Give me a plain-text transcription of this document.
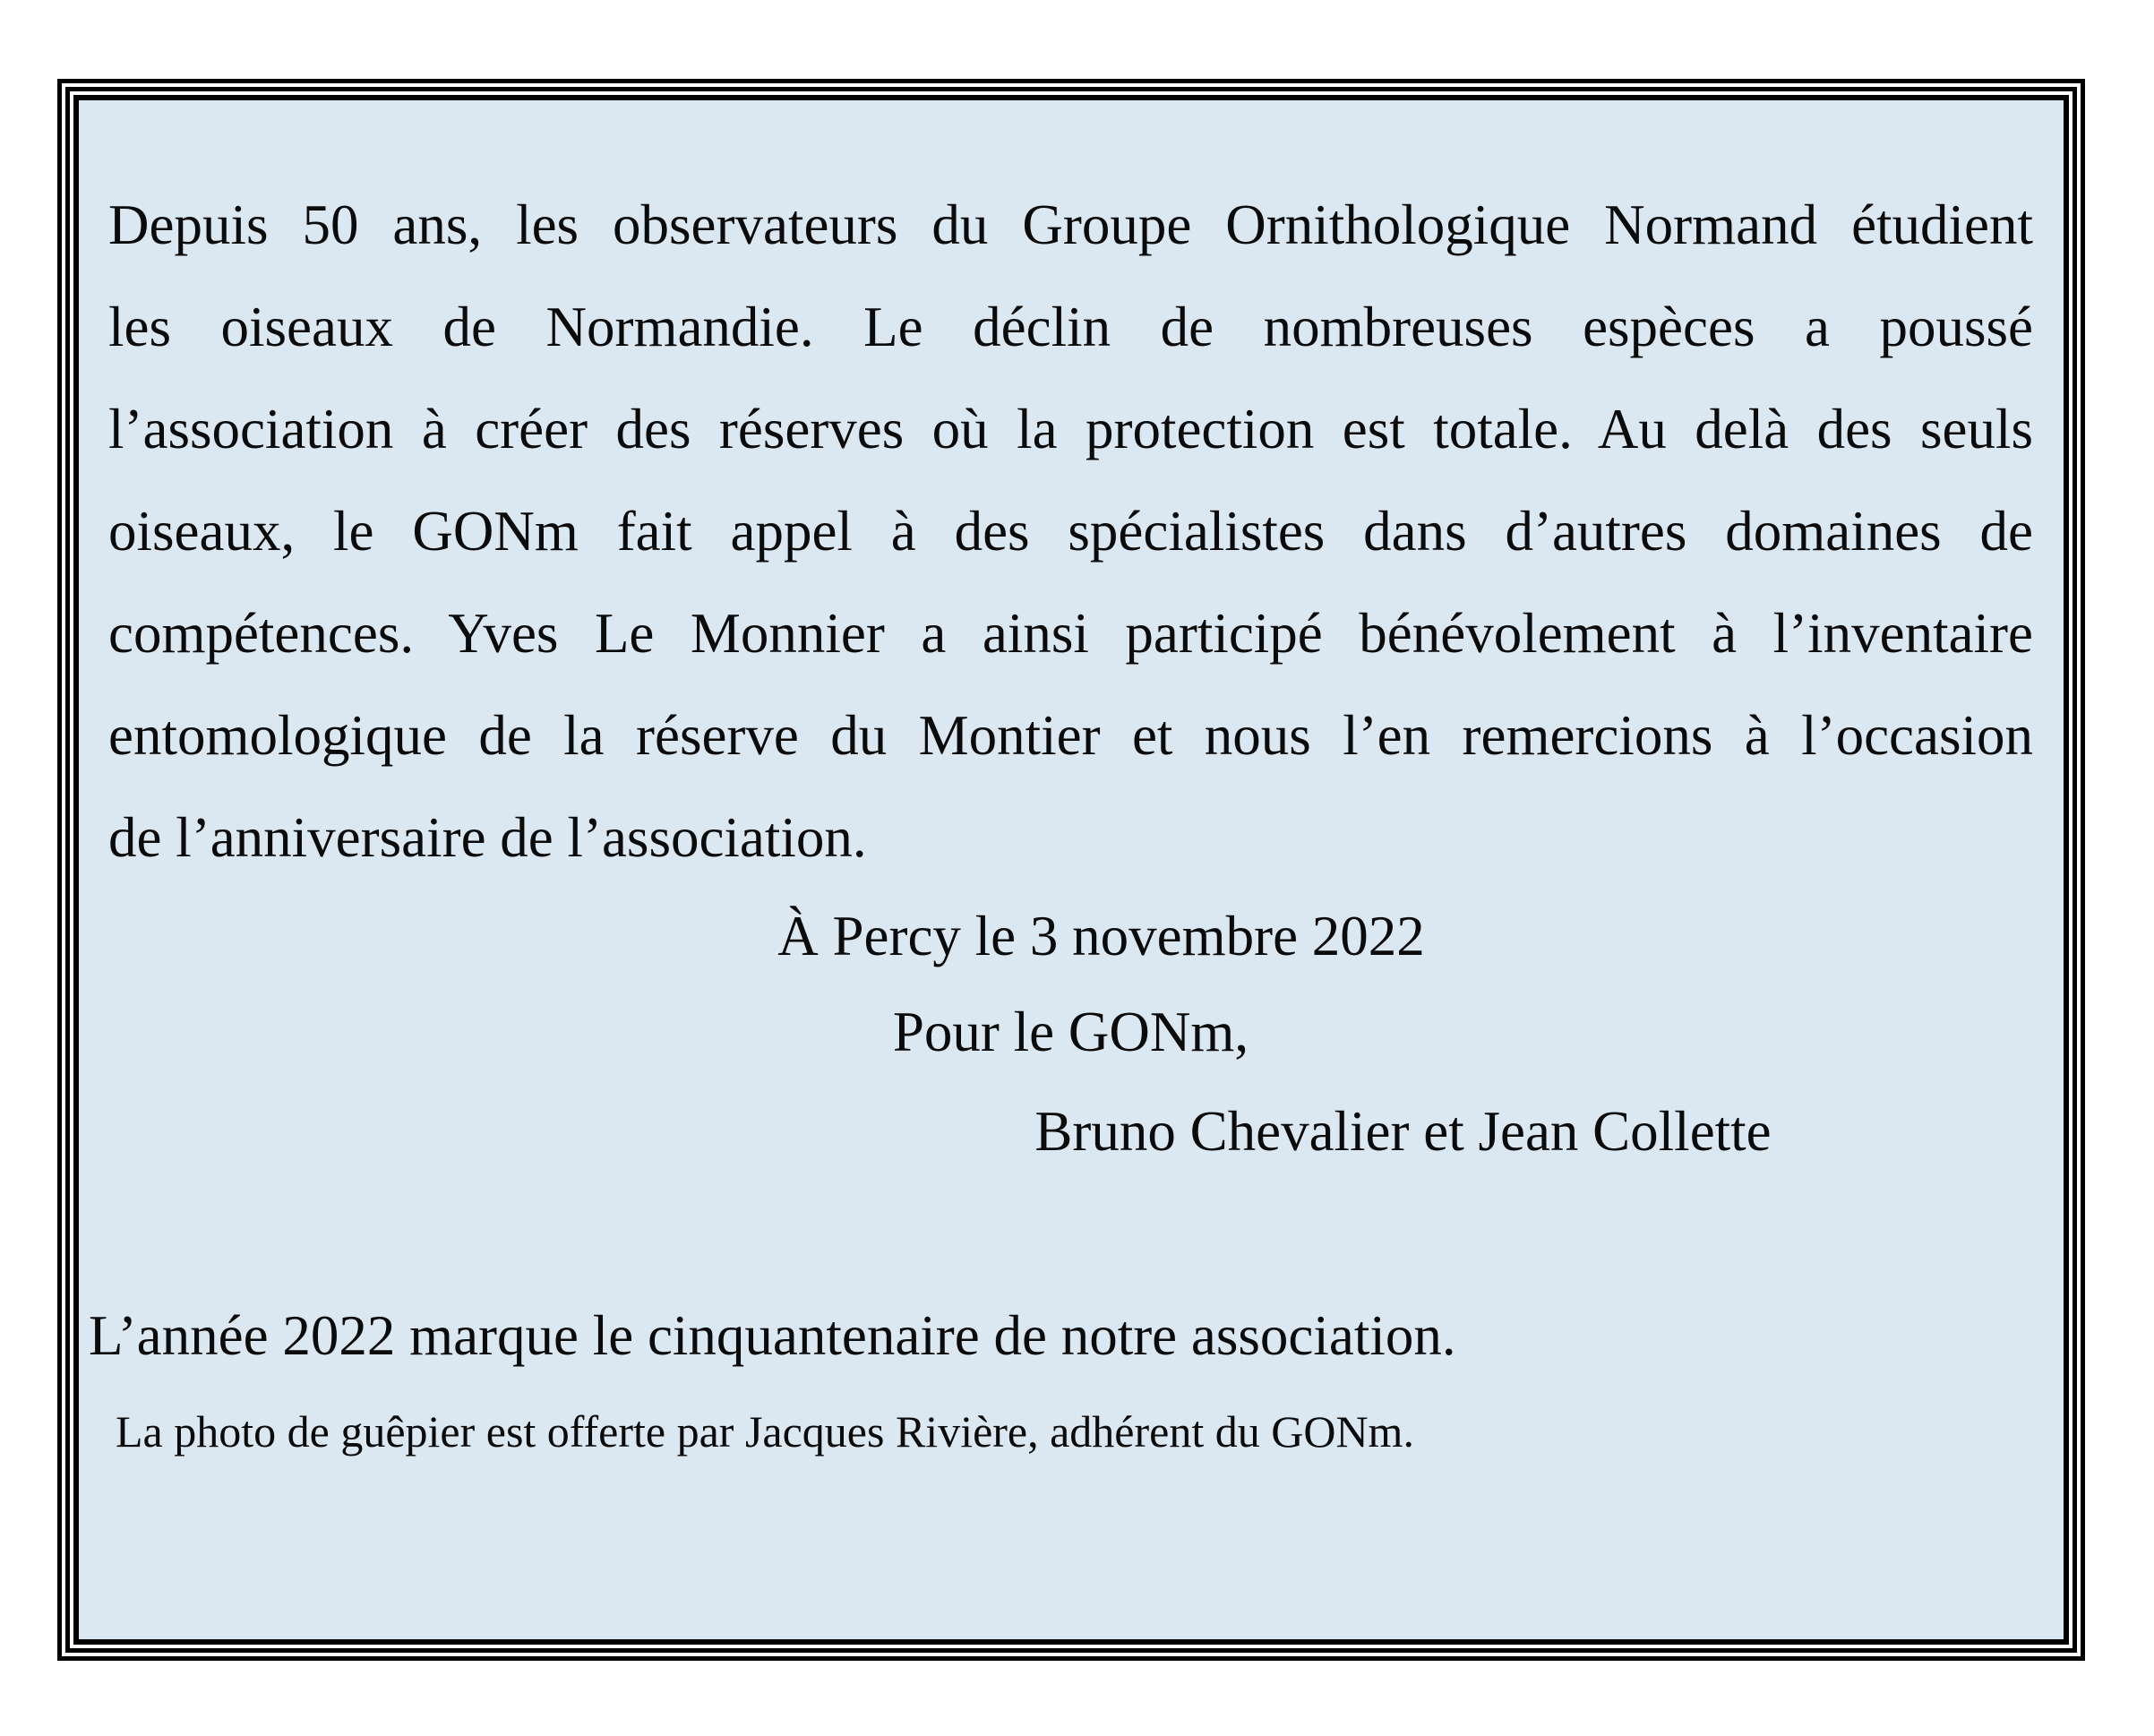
Depuis 50 ans, les observateurs du Groupe Ornithologique Normand étudient
les oiseaux de Normandie. Le déclin de nombreuses espèces a poussé
l’association à créer des réserves où la protection est totale. Au delà des seuls
oiseaux, le GONm fait appel à des spécialistes dans d’autres domaines de
compétences. Yves Le Monnier a ainsi participé bénévolement à l’inventaire
entomologique de la réserve du Montier et nous l’en remercions à l’occasion
de l’anniversaire de l’association.
À Percy le 3 novembre 2022
Pour le GONm,
Bruno Chevalier et Jean Collette
L’année 2022 marque le cinquantenaire de notre association.
La photo de guêpier est offerte par Jacques Rivière, adhérent du GONm.
